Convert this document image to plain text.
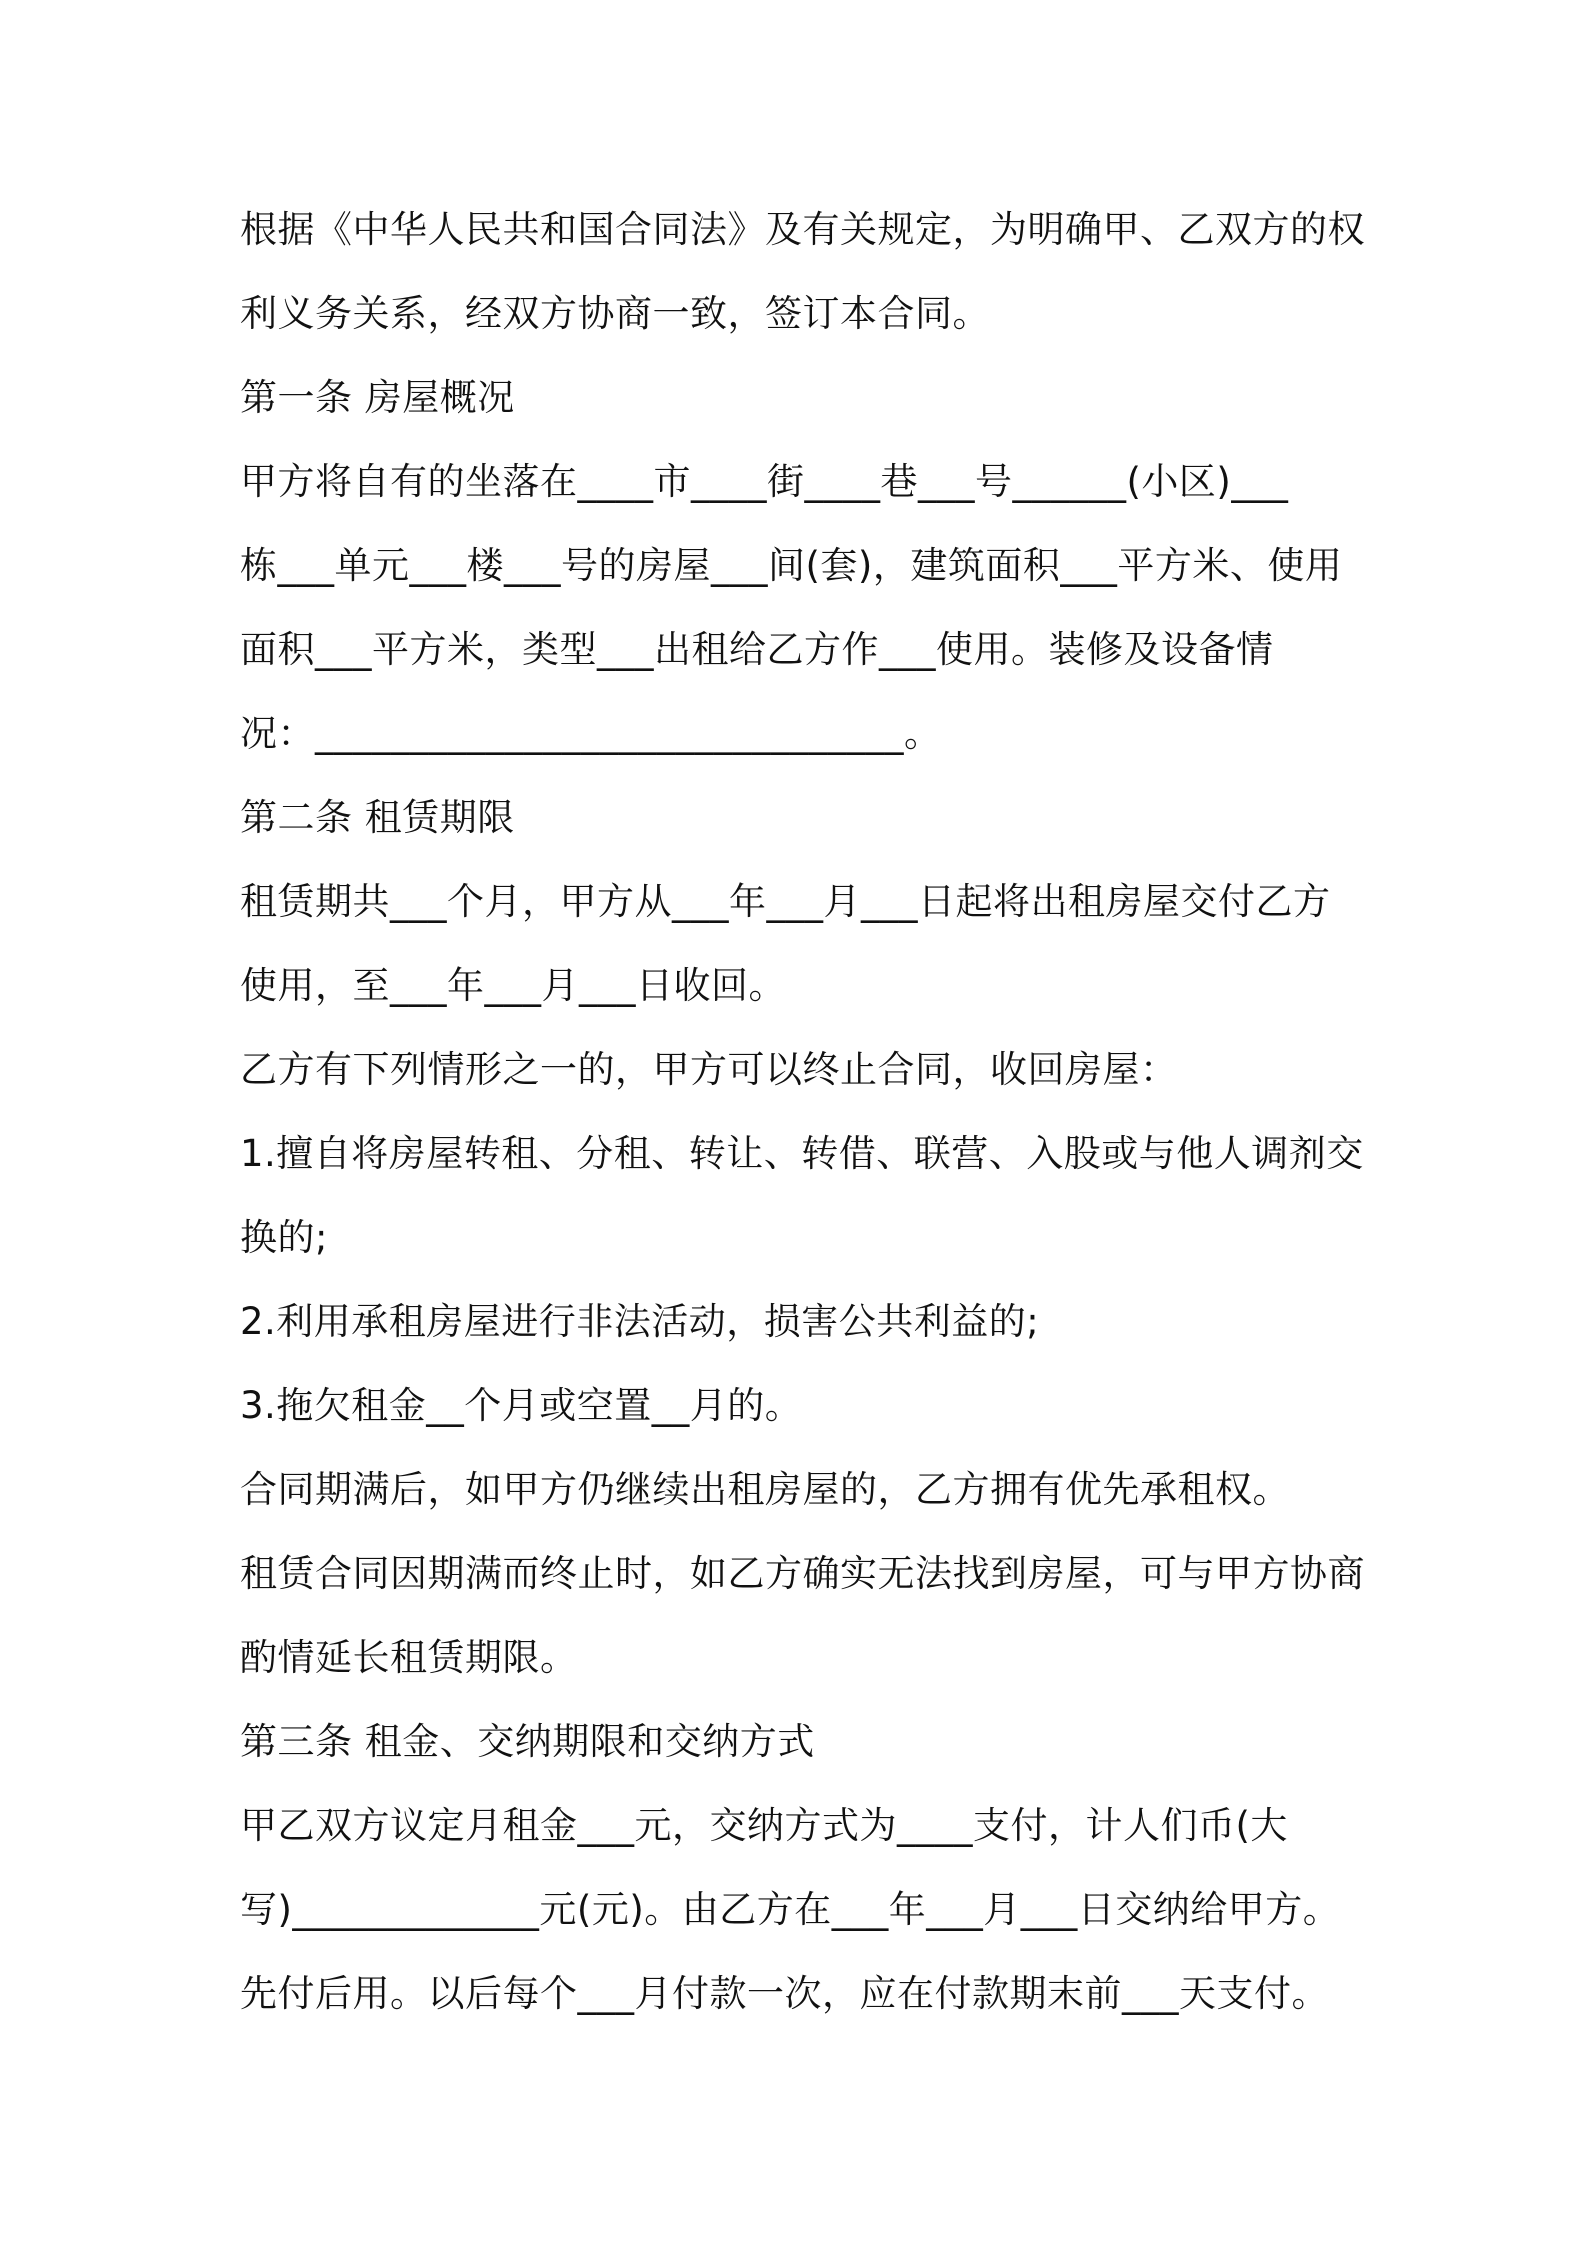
根据《中华人民共和国合同法》及有关规定，为明确甲、乙双方的权
利义务关系，经双方协商一致，签订本合同。
第一条 房屋概况
甲方将自有的坐落在____市____街____巷___号______(小区)___
栋___单元___楼___号的房屋___间(套)，建筑面积___平方米、使用
面积___平方米，类型___出租给乙方作___使用。装修及设备情
况：_______________________________。
第二条 租赁期限
租赁期共___个月，甲方从___年___月___日起将出租房屋交付乙方
使用，至___年___月___日收回。
乙方有下列情形之一的，甲方可以终止合同，收回房屋：
1.擅自将房屋转租、分租、转让、转借、联营、入股或与他人调剂交
换的;
2.利用承租房屋进行非法活动，损害公共利益的;
3.拖欠租金__个月或空置__月的。
合同期满后，如甲方仍继续出租房屋的，乙方拥有优先承租权。
租赁合同因期满而终止时，如乙方确实无法找到房屋，可与甲方协商
酌情延长租赁期限。
第三条 租金、交纳期限和交纳方式
甲乙双方议定月租金___元，交纳方式为____支付，计人们币(大
写)_____________元(元)。由乙方在___年___月___日交纳给甲方。
先付后用。以后每个___月付款一次，应在付款期末前___天支付。
